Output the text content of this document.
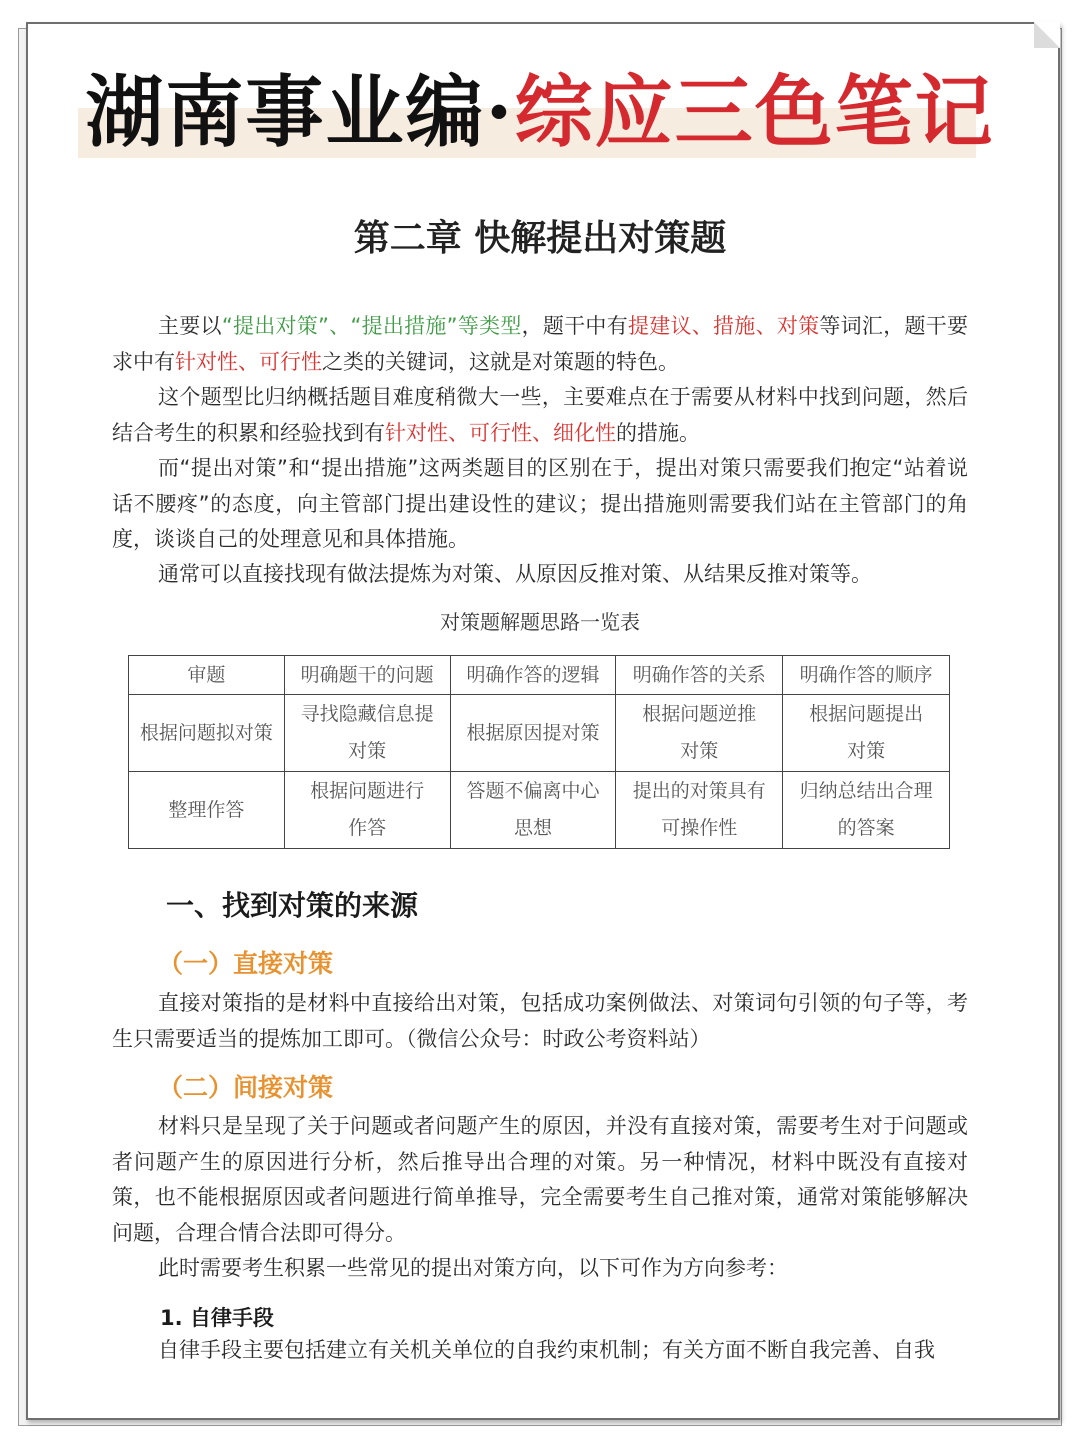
湖南事业编·综应三色笔记
第二章 快解提出对策题
主要以“提出对策”、“提出措施”等类型，题干中有提建议、措施、对策等词汇，题干要求中有针对性、可行性之类的关键词，这就是对策题的特色。
这个题型比归纳概括题目难度稍微大一些，主要难点在于需要从材料中找到问题，然后结合考生的积累和经验找到有针对性、可行性、细化性的措施。
而“提出对策”和“提出措施”这两类题目的区别在于，提出对策只需要我们抱定“站着说话不腰疼”的态度，向主管部门提出建设性的建议；提出措施则需要我们站在主管部门的角度，谈谈自己的处理意见和具体措施。
通常可以直接找现有做法提炼为对策、从原因反推对策、从结果反推对策等。
对策题解题思路一览表
审题	明确题干的问题	明确作答的逻辑	明确作答的关系	明确作答的顺序
根据问题拟对策	寻找隐藏信息提对策	根据原因提对策	根据问题逆推对策	根据问题提出对策
整理作答	根据问题进行作答	答题不偏离中心思想	提出的对策具有可操作性	归纳总结出合理的答案
一、找到对策的来源
（一）直接对策
直接对策指的是材料中直接给出对策，包括成功案例做法、对策词句引领的句子等，考生只需要适当的提炼加工即可。（微信公众号：时政公考资料站）
（二）间接对策
材料只是呈现了关于问题或者问题产生的原因，并没有直接对策，需要考生对于问题或者问题产生的原因进行分析，然后推导出合理的对策。另一种情况，材料中既没有直接对策，也不能根据原因或者问题进行简单推导，完全需要考生自己推对策，通常对策能够解决问题，合理合情合法即可得分。
此时需要考生积累一些常见的提出对策方向，以下可作为方向参考：
1. 自律手段
自律手段主要包括建立有关机关单位的自我约束机制；有关方面不断自我完善、自我
